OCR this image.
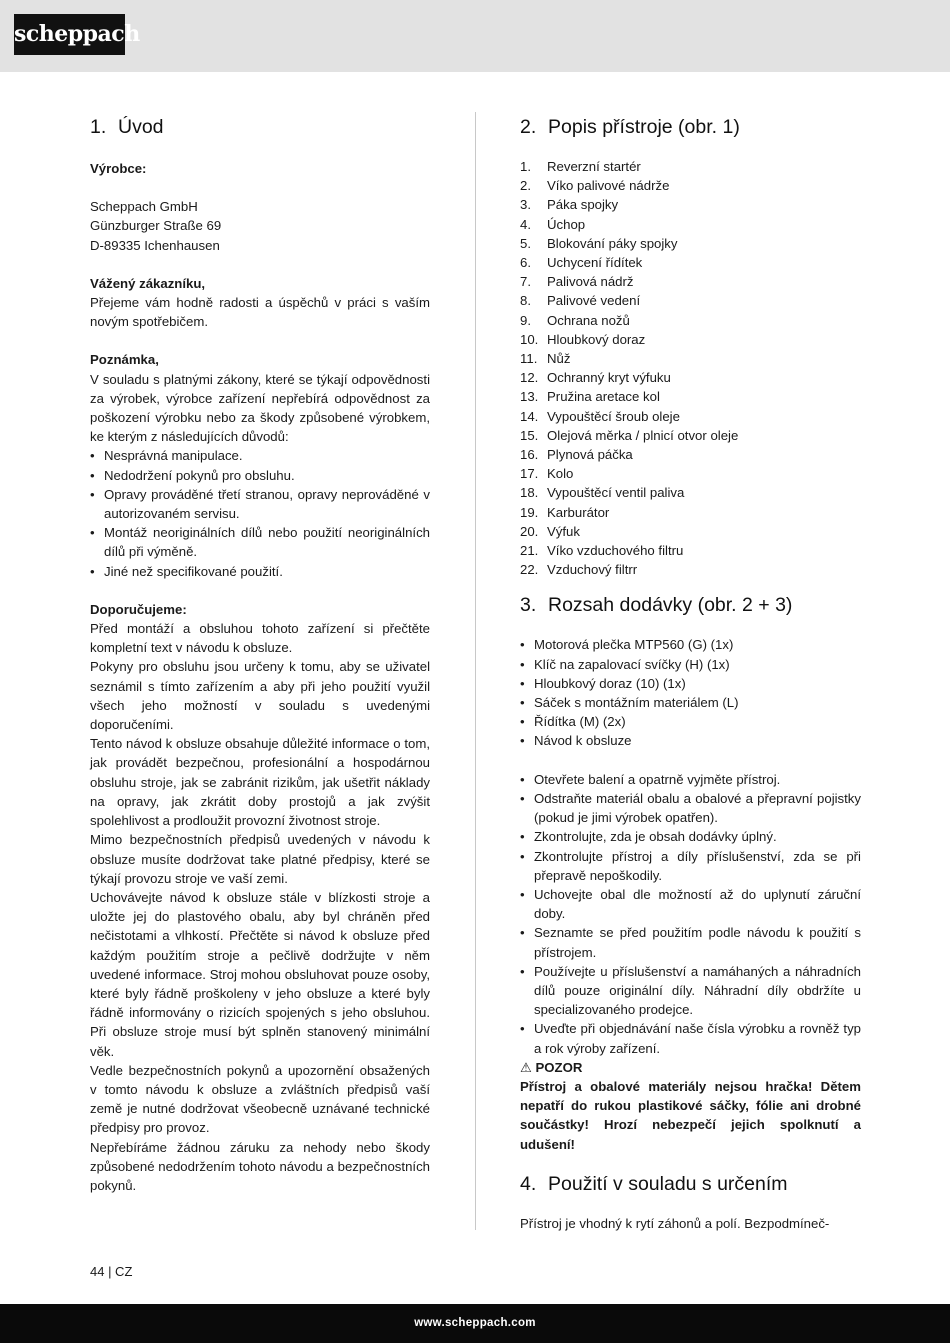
scheppach
1. Úvod

Výrobce:

Scheppach GmbH

Günzburger Straße 69

D-89335 Ichenhausen

Vážený zákazníku,

Přejeme vám hodně radosti a úspěchů v práci s vaším novým spotřebičem.

Poznámka,

V souladu s platnými zákony, které se týkají odpovědnosti za výrobek, výrobce zařízení nepřebírá odpovědnost za poškození výrobku nebo za škody způsobené výrobkem, ke kterým z následujících důvodů:

• Nesprávná manipulace.
• Nedodržení pokynů pro obsluhu.
• Opravy prováděné třetí stranou, opravy neprováděné v autorizovaném servisu.
• Montáž neoriginálních dílů nebo použití neoriginálních dílů při výměně.
• Jiné než specifikované použití.

Doporučujeme:

Před montáží a obsluhou tohoto zařízení si přečtěte kompletní text v návodu k obsluze.

Pokyny pro obsluhu jsou určeny k tomu, aby se uživatel seznámil s tímto zařízením a aby při jeho použití využil všech jeho možností v souladu s uvedenými doporučeními.

Tento návod k obsluze obsahuje důležité informace o tom, jak provádět bezpečnou, profesionální a hospodárnou obsluhu stroje, jak se zabránit rizikům, jak ušetřit náklady na opravy, jak zkrátit doby prostojů a jak zvýšit spolehlivost a prodloužit provozní životnost stroje.

Mimo bezpečnostních předpisů uvedených v návodu k obsluze musíte dodržovat take platné předpisy, které se týkají provozu stroje ve vaší zemi.

Uchovávejte návod k obsluze stále v blízkosti stroje a uložte jej do plastového obalu, aby byl chráněn před nečistotami a vlhkostí. Přečtěte si návod k obsluze před každým použitím stroje a pečlivě dodržujte v něm uvedené informace. Stroj mohou obsluhovat pouze osoby, které byly řádně proškoleny v jeho obsluze a které byly řádně informovány o rizicích spojených s jeho obsluhou. Při obsluze stroje musí být splněn stanovený minimální věk.

Vedle bezpečnostních pokynů a upozornění obsažených v tomto návodu k obsluze a zvláštních předpisů vaší země je nutné dodržovat všeobecně uznávané technické předpisy pro provoz.

Nepřebíráme žádnou záruku za nehody nebo škody způsobené nedodržením tohoto návodu a bezpečnostních pokynů.

2. Popis přístroje (obr. 1)
1.	Reverzní startér
2.	Víko palivové nádrže
3.	Páka spojky
4.	Úchop
5.	Blokování páky spojky
6.	Uchycení řídítek
7.	Palivová nádrž
8.	Palivové vedení
9.	Ochrana nožů
10. Hloubkový doraz
11. Nůž
12. Ochranný kryt výfuku
13. Pružina aretace kol
14. Vypouštěcí šroub oleje
15. Olejová měrka / plnicí otvor oleje
16. Plynová páčka
17. Kolo
18. Vypouštěcí ventil paliva
19. Karburátor
20. Výfuk
21. Víko vzduchového filtru
22. Vzduchový filtrr
3. Rozsah dodávky (obr. 2 + 3)
• Motorová plečka MTP560 (G) (1x)
• Klíč na zapalovací svíčky (H) (1x)
• Hloubkový doraz (10) (1x)
• Sáček s montážním materiálem (L)
• Řídítka (M) (2x)
• Návod k obsluze
• Otevřete balení a opatrně vyjměte přístroj.
• Odstraňte materiál obalu a obalové a přepravní pojistky (pokud je jimi výrobek opatřen).
• Zkontrolujte, zda je obsah dodávky úplný.
• Zkontrolujte přístroj a díly příslušenství, zda se při přepravě nepoškodily.
• Uchovejte obal dle možností až do uplynutí záruční doby.
• Seznamte se před použitím podle návodu k použití s přístrojem.
• Používejte u příslušenství a namáhaných a náhradních dílů pouze originální díly. Náhradní díly obdržíte u specializovaného prodejce.
• Uveďte při objednávání naše čísla výrobku a rovněž typ a rok výroby zařízení.

⚠ POZOR

Přístroj a obalové materiály nejsou hračka! Dětem nepatří do rukou plastikové sáčky, fólie ani drobné součástky! Hrozí nebezpečí jejich spolknutí a udušení!

4. Použití v souladu s určením

Přístroj je vhodný k rytí záhonů a polí. Bezpodmíneč-

44 | CZ
www.scheppach.com
